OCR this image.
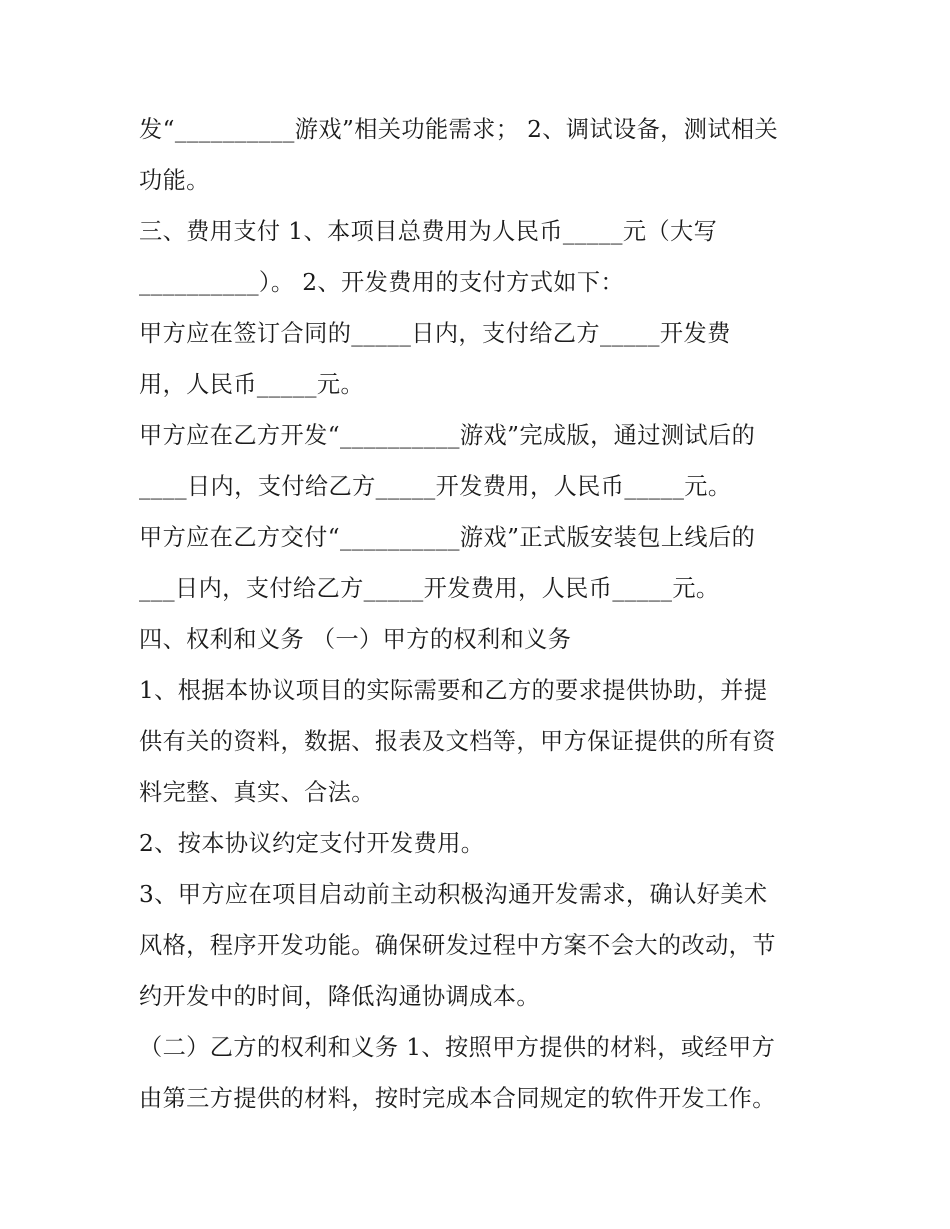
发“__________游戏”相关功能需求； 2、调试设备，测试相关
功能。
三、费用支付 1、本项目总费用为人民币_____元（大写
__________）。 2、开发费用的支付方式如下：
甲方应在签订合同的_____日内，支付给乙方_____开发费
用，人民币_____元。
甲方应在乙方开发“__________游戏”完成版，通过测试后的
____日内，支付给乙方_____开发费用，人民币_____元。
甲方应在乙方交付“__________游戏”正式版安装包上线后的
___日内，支付给乙方_____开发费用，人民币_____元。
四、权利和义务 （一）甲方的权利和义务
1、根据本协议项目的实际需要和乙方的要求提供协助，并提
供有关的资料，数据、报表及文档等，甲方保证提供的所有资
料完整、真实、合法。
2、按本协议约定支付开发费用。
3、甲方应在项目启动前主动积极沟通开发需求，确认好美术
风格，程序开发功能。确保研发过程中方案不会大的改动，节
约开发中的时间，降低沟通协调成本。
（二）乙方的权利和义务 1、按照甲方提供的材料，或经甲方
由第三方提供的材料，按时完成本合同规定的软件开发工作。
